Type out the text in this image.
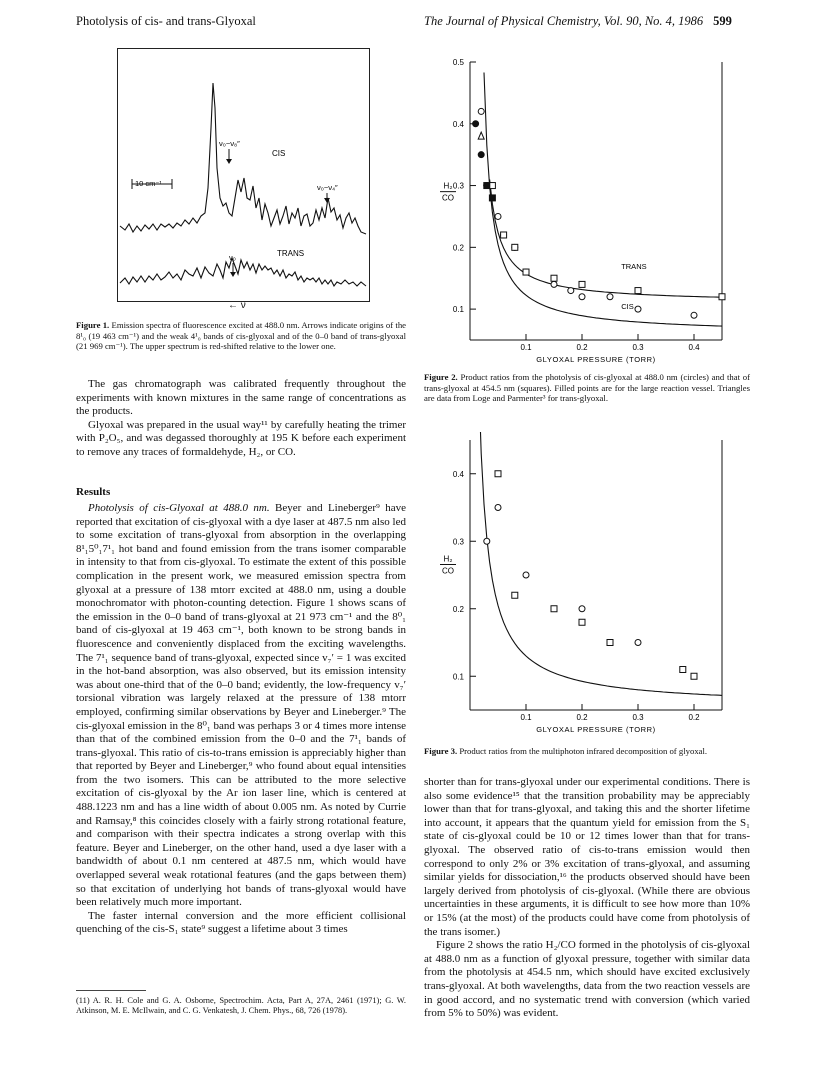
Photolysis of cis- and trans-Glyoxal	The Journal of Physical Chemistry, Vol. 90, No. 4, 1986 599
ν₀−ν₈″
CIS
10 cm⁻¹	ν₀−ν₄″
TRANS
ν₀
← ν
Figure 1. Emission spectra of fluorescence excited at 488.0 nm. Arrows indicate origins of the 8¹₀ (19 463 cm⁻¹) and the weak 4¹₀ bands of cis-glyoxal and of the 0–0 band of trans-glyoxal (21 969 cm⁻¹). The upper spectrum is red-shifted relative to the lower one.

The gas chromatograph was calibrated frequently throughout the experiments with known mixtures in the same range of concentrations as the products.

Glyoxal was prepared in the usual way¹¹ by carefully heating the trimer with P₂O₅, and was degassed thoroughly at 195 K before each experiment to remove any traces of formaldehyde, H₂, or CO.

Results

Photolysis of cis-Glyoxal at 488.0 nm. Beyer and Lineberger⁹ have reported that excitation of cis-glyoxal with a dye laser at 487.5 nm also led to some excitation of trans-glyoxal from absorption in the overlapping 8¹₁5⁰₁7¹₁ hot band and found emission from the trans isomer comparable in intensity to that from cis-glyoxal. To estimate the extent of this possible complication in the present work, we measured emission spectra from glyoxal at a pressure of 138 mtorr excited at 488.0 nm, using a double monochromator with photon-counting detection. Figure 1 shows scans of the emission in the 0–0 band of trans-glyoxal at 21 973 cm⁻¹ and the 8⁰₁ band of cis-glyoxal at 19 463 cm⁻¹, both known to be strong bands in fluorescence and conveniently displaced from the exciting wavelengths. The 7¹₁ sequence band of trans-glyoxal, expected since v₇′ = 1 was excited in the hot-band absorption, was also observed, but its emission intensity was about one-third that of the 0–0 band; evidently, the low-frequency v₇′ torsional vibration was largely relaxed at the pressure of 138 mtorr employed, confirming similar observations by Beyer and Lineberger.⁹ The cis-glyoxal emission in the 8⁰₁ band was perhaps 3 or 4 times more intense than that of the combined emission from the 0–0 and the 7¹₁ bands of trans-glyoxal. This ratio of cis-to-trans emission is appreciably higher than that reported by Beyer and Lineberger,⁹ who found about equal intensities from the two isomers. This can be attributed to the more selective excitation of cis-glyoxal by the Ar ion laser line, which is centered at 488.1223 nm and has a line width of about 0.005 nm. As noted by Currie and Ramsay,⁸ this coincides closely with a fairly strong rotational feature, and comparison with their spectra indicates a strong overlap with this feature. Beyer and Lineberger, on the other hand, used a dye laser with a bandwidth of about 0.1 nm centered at 487.5 nm, which would have overlapped several weak rotational features (and the gaps between them) so that excitation of underlying hot bands of trans-glyoxal would have been relatively much more important.

The faster internal conversion and the more efficient collisional quenching of the cis-S₁ state⁹ suggest a lifetime about 3 times

(11) A. R. H. Cole and G. A. Osborne, Spectrochim. Acta, Part A, 27A, 2461 (1971); G. W. Atkinson, M. E. McIlwain, and C. G. Venkatesh, J. Chem. Phys., 68, 726 (1978).
0.1
0.2
0.3
0.4
0.5
0.1	0.2	0.3	0.4
GLYOXAL PRESSURE (TORR)
H₂
CO
TRANS
CIS
Figure 2. Product ratios from the photolysis of cis-glyoxal at 488.0 nm (circles) and that of trans-glyoxal at 454.5 nm (squares). Filled points are for the large reaction vessel. Triangles are data from Loge and Parmenter³ for trans-glyoxal.
0.1
0.2
0.3
0.4
0.1	0.2	0.3	0.2
GLYOXAL PRESSURE (TORR)
H₂
CO
Figure 3. Product ratios from the multiphoton infrared decomposition of glyoxal.

shorter than for trans-glyoxal under our experimental conditions. There is also some evidence¹⁵ that the transition probability may be appreciably lower than that for trans-glyoxal, and taking this and the shorter lifetime into account, it appears that the quantum yield for emission from the S₁ state of cis-glyoxal could be 10 or 12 times lower than that for trans-glyoxal. The observed ratio of cis-to-trans emission would then correspond to only 2% or 3% excitation of trans-glyoxal, and assuming similar yields for dissociation,¹⁶ the products observed should have been largely derived from photolysis of cis-glyoxal. (While there are obvious uncertainties in these arguments, it is difficult to see how more than 10% or 15% (at the most) of the products could have come from photolysis of the trans isomer.)

Figure 2 shows the ratio H₂/CO formed in the photolysis of cis-glyoxal at 488.0 nm as a function of glyoxal pressure, together with similar data from the photolysis at 454.5 nm, which should have excited exclusively trans-glyoxal. At both wavelengths, data from the two reaction vessels are in good accord, and no systematic trend with conversion (which varied from 5% to 50%) was evident.
